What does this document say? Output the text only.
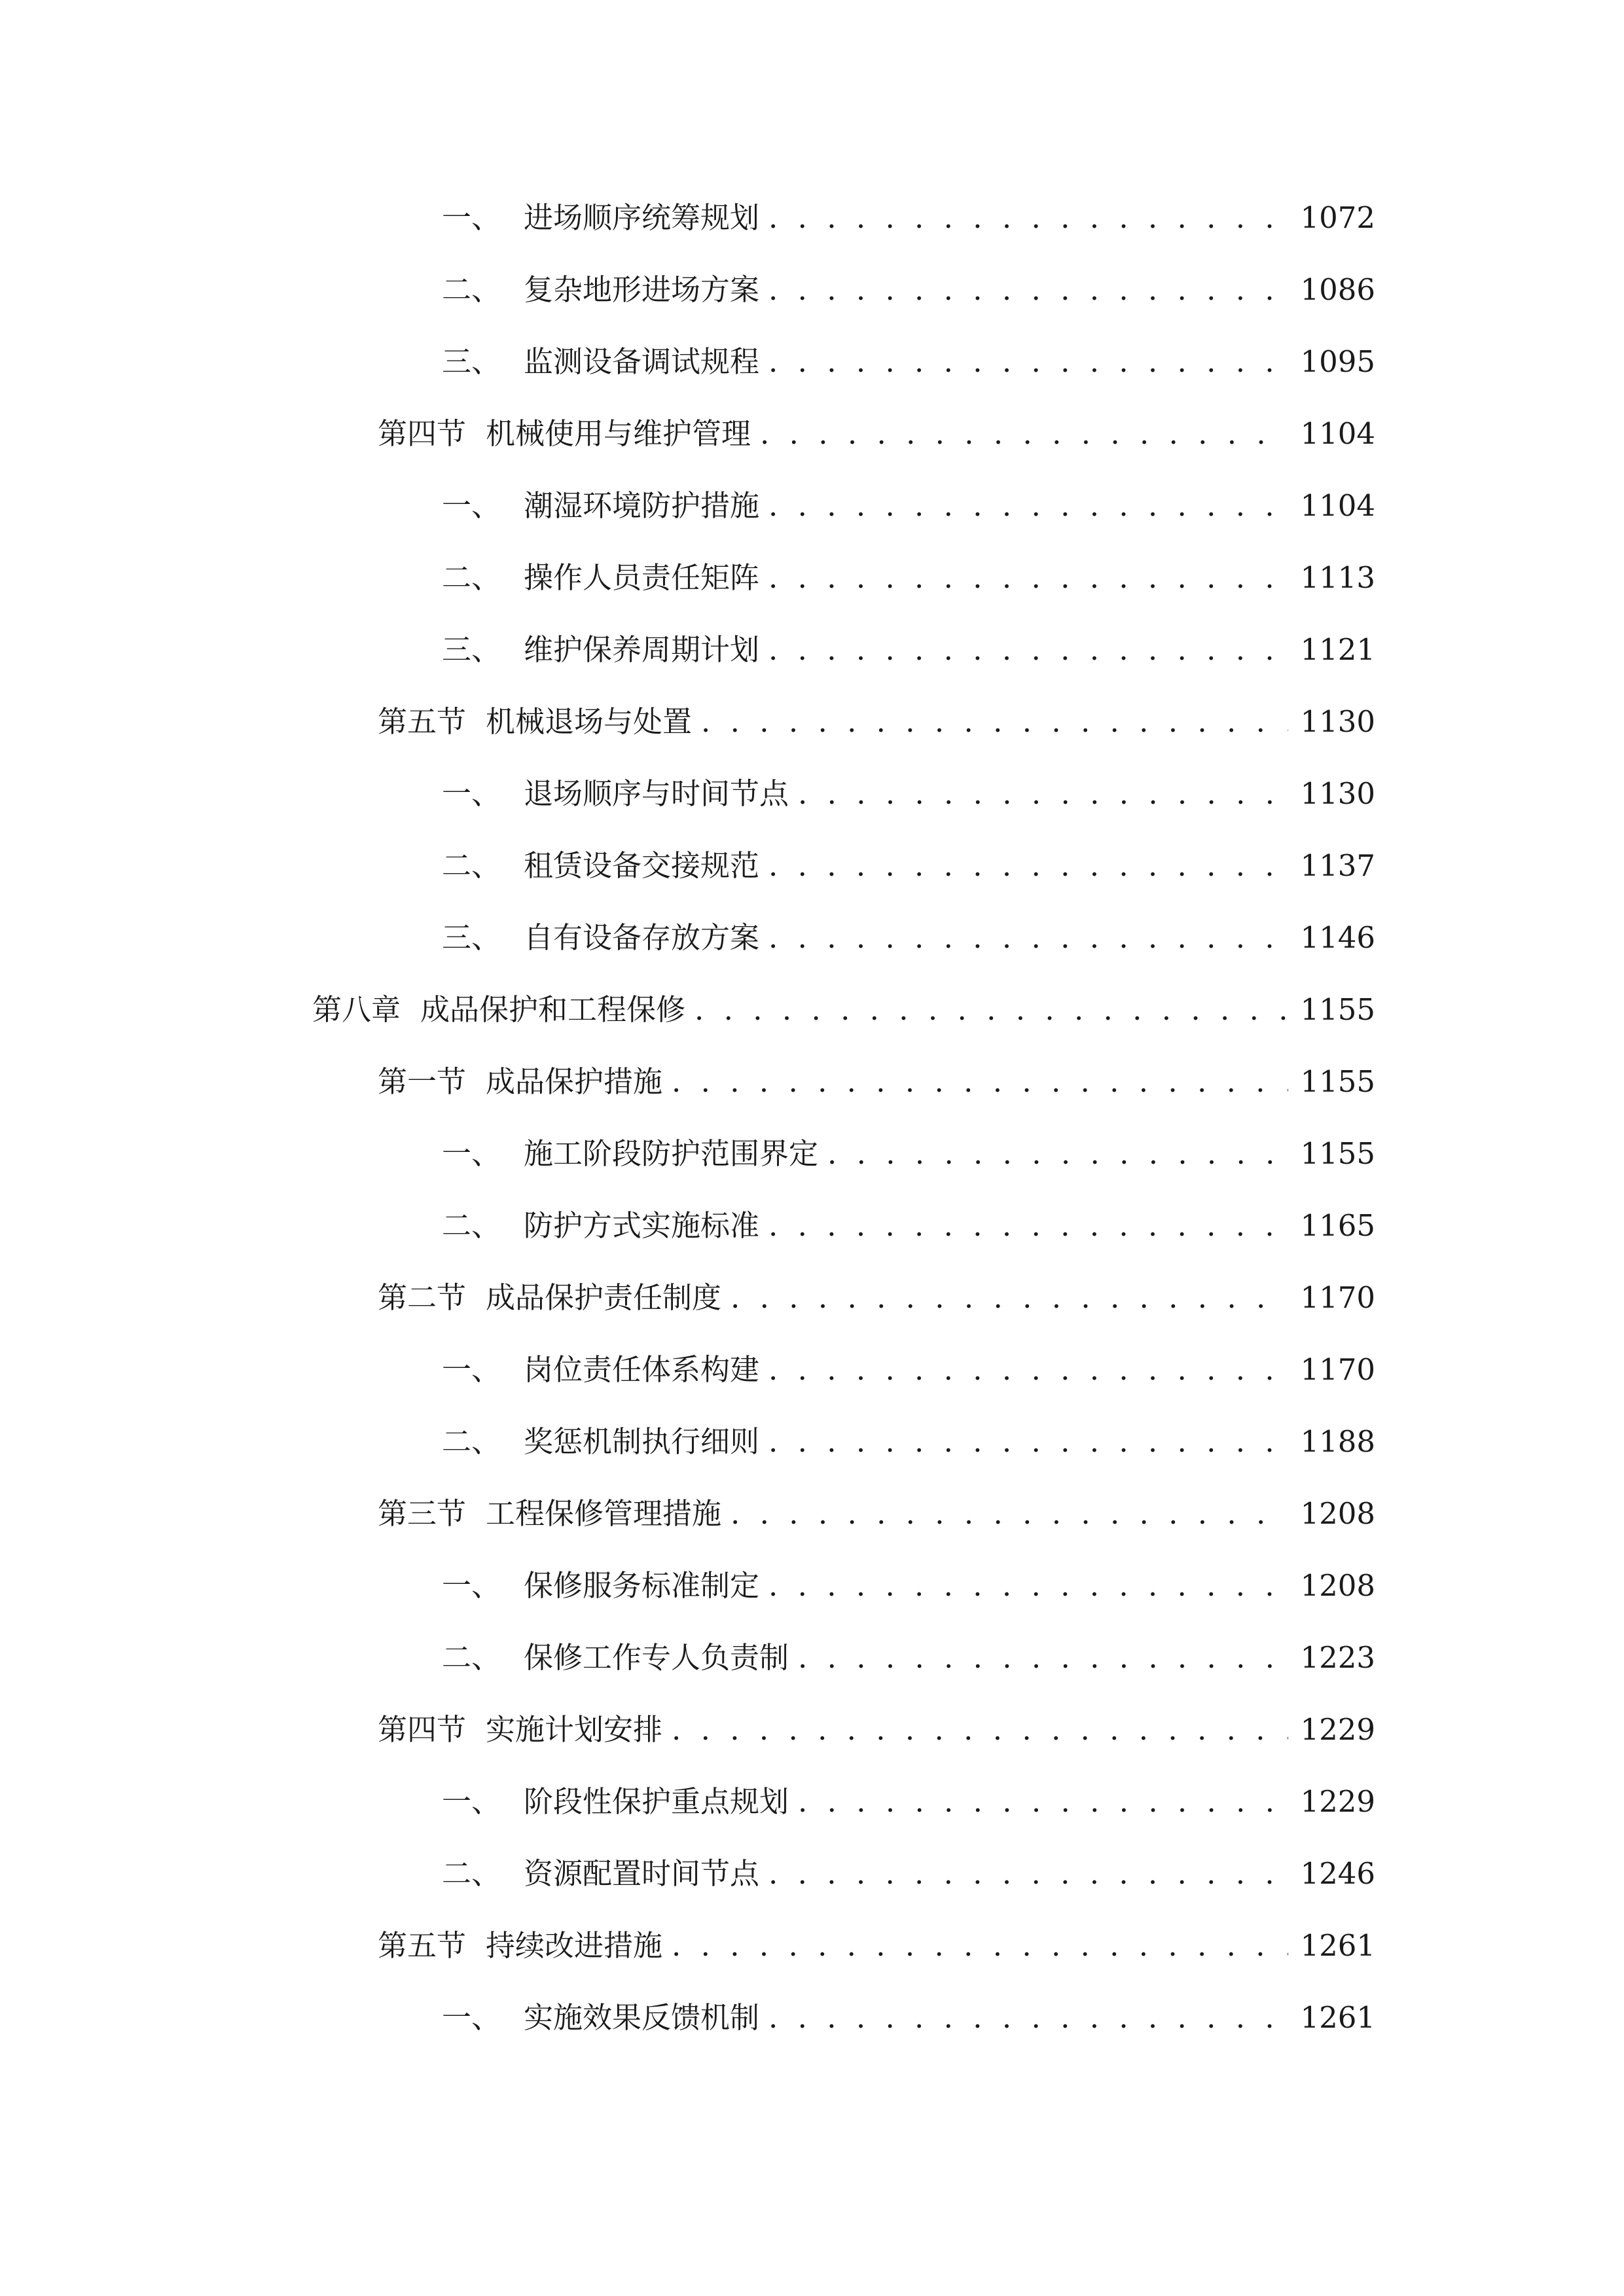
一、 进场顺序统筹规划 . . .	1072
二、 复杂地形进场方案 . . .	1086
三、 监测设备调试规程 . . .	1095
第四节 机械使用与维护管理 . . .	1104
一、 潮湿环境防护措施 . . .	1104
二、 操作人员责任矩阵 . . .	1113
三、 维护保养周期计划 . . .	1121
第五节 机械退场与处置 . . .	1130
一、 退场顺序与时间节点 . . .	1130
二、 租赁设备交接规范 . . .	1137
三、 自有设备存放方案 . . .	1146
第八章 成品保护和工程保修 . . .	1155
第一节 成品保护措施 . . .	1155
一、 施工阶段防护范围界定 . . .	1155
二、 防护方式实施标准 . . .	1165
第二节 成品保护责任制度 . . .	1170
一、 岗位责任体系构建 . . .	1170
二、 奖惩机制执行细则 . . .	1188
第三节 工程保修管理措施 . . .	1208
一、 保修服务标准制定 . . .	1208
二、 保修工作专人负责制 . . .	1223
第四节 实施计划安排 . . .	1229
一、 阶段性保护重点规划 . . .	1229
二、 资源配置时间节点 . . .	1246
第五节 持续改进措施 . . .	1261
一、 实施效果反馈机制 . . .	1261
